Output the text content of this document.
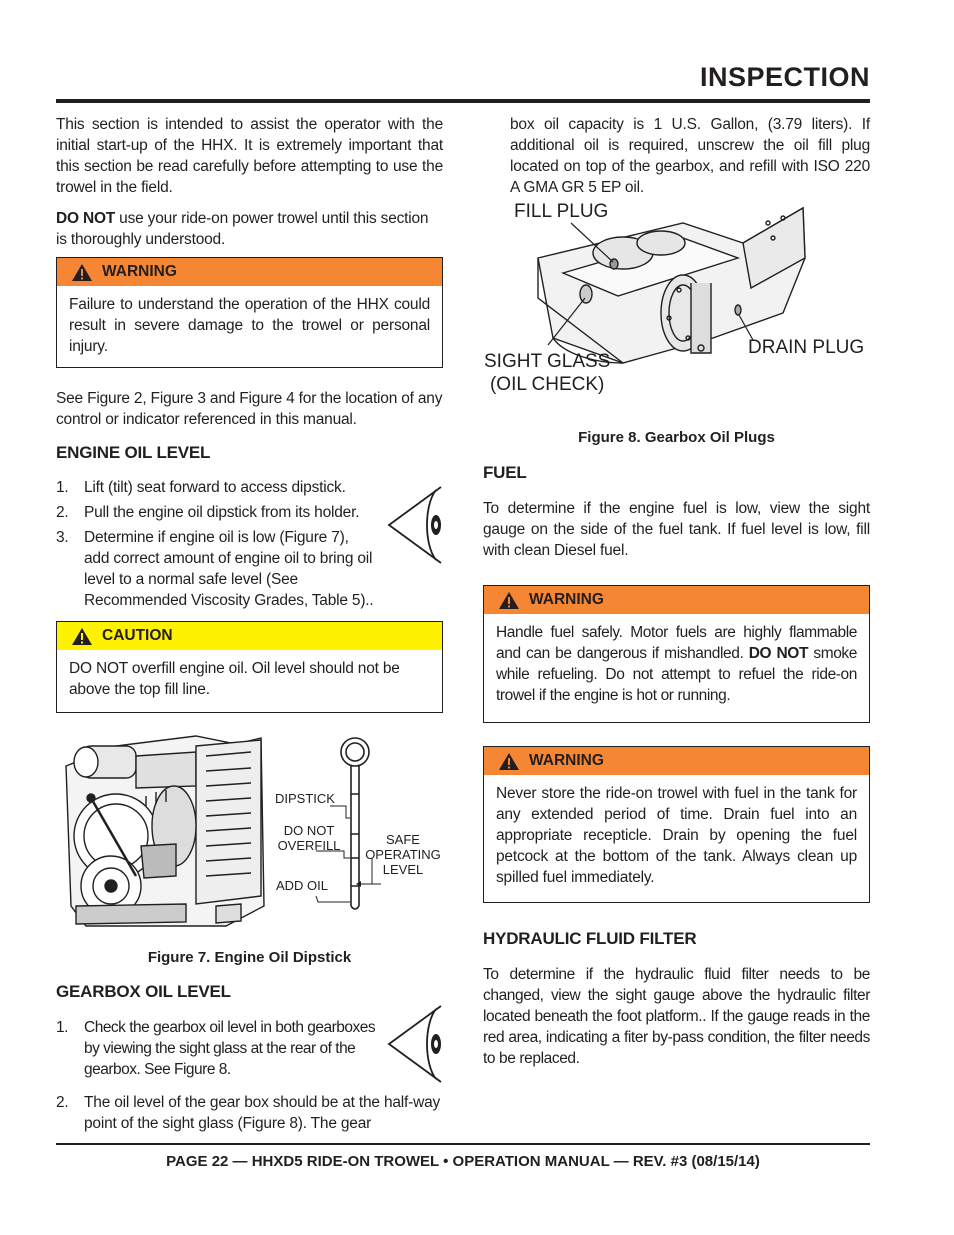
INSPECTION
This section is intended to assist the operator with the initial start-up of the HHX. It is extremely important that this section be read carefully before attempting to use the trowel in the field.
DO NOT use your ride-on power trowel until this section is thoroughly understood.
WARNING
Failure to understand the operation of the HHX could result in severe damage to the trowel or personal injury.
See Figure 2, Figure 3 and Figure 4 for the location of any control or indicator referenced in this manual.
ENGINE OIL LEVEL
1. Lift (tilt) seat forward to access dipstick.
2. Pull the engine oil dipstick from its holder.
3. Determine if engine oil is low (Figure 7), add correct amount of engine oil to bring oil level to a normal safe level (See Recommended Viscosity Grades, Table 5)..
CAUTION
DO NOT overfill engine oil. Oil level should not be above the top fill line.
DIPSTICK
DO NOT
OVERFILL	SAFE
OPERATING
LEVEL
ADD OIL
Figure 7. Engine Oil Dipstick
GEARBOX OIL LEVEL
1. Check the gearbox oil level in both gearboxes by viewing the sight glass at the rear of the gearbox. See Figure 8.
2. The oil level of the gear box should be at the half-way point of the sight glass (Figure 8). The gear
box oil capacity is 1 U.S. Gallon, (3.79 liters). If additional oil is required, unscrew the oil fill plug located on top of the gearbox, and refill with ISO 220 A GMA GR 5 EP oil.
FILL PLUG
SIGHT GLASS
(OIL CHECK)
DRAIN PLUG
Figure 8. Gearbox Oil Plugs
FUEL
To determine if the engine fuel is low, view the sight gauge on the side of the fuel tank. If fuel level is low, fill with clean Diesel fuel.
WARNING
Handle fuel safely. Motor fuels are highly flammable and can be dangerous if mishandled. DO NOT smoke while refueling. Do not attempt to refuel the ride-on trowel if the engine is hot or running.
WARNING
Never store the ride-on trowel with fuel in the tank for any extended period of time. Drain fuel into an appropriate recepticle. Drain by opening the fuel petcock at the bottom of the tank. Always clean up spilled fuel immediately.
HYDRAULIC FLUID FILTER
To determine if the hydraulic fluid filter needs to be changed, view the sight gauge above the hydraulic filter located beneath the foot platform.. If the gauge reads in the red area, indicating a fiter by-pass condition, the filter needs to be replaced.
PAGE 22 — HHXD5 RIDE-ON TROWEL • OPERATION MANUAL — REV. #3 (08/15/14)
